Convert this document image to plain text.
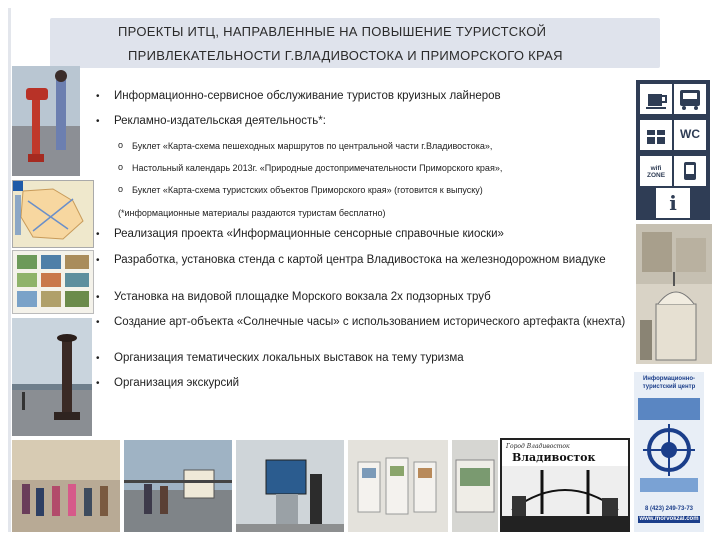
ПРОЕКТЫ ИТЦ, НАПРАВЛЕННЫЕ НА ПОВЫШЕНИЕ ТУРИСТСКОЙ
ПРИВЛЕКАТЕЛЬНОСТИ Г.ВЛАДИВОСТОКА И ПРИМОРСКОГО КРАЯ
Город Владивосток
Владивосток
WC
wifi ZONE
i
Информационно-
туристский центр
8 (423) 249-73-73
www.morvokzal.com
• Информационно-сервисное обслуживание туристов круизных лайнеров
• Рекламно-издательская деятельность*:
o Буклет «Карта-схема пешеходных маршрутов по центральной части г.Владивостока»,
o Настольный календарь 2013г. «Природные достопримечательности Приморского края»,
o Буклет «Карта-схема туристских объектов Приморского края» (готовится к выпуску)
(*информационные материалы раздаются туристам бесплатно)
• Реализация проекта «Информационные сенсорные справочные киоски»
• Разработка, установка стенда с картой центра Владивостока на железнодорожном виадуке
• Установка на видовой площадке Морского вокзала 2х подзорных труб
• Создание арт-объекта «Солнечные часы» с использованием исторического артефакта (кнехта)
• Организация тематических локальных выставок на тему туризма
• Организация экскурсий
